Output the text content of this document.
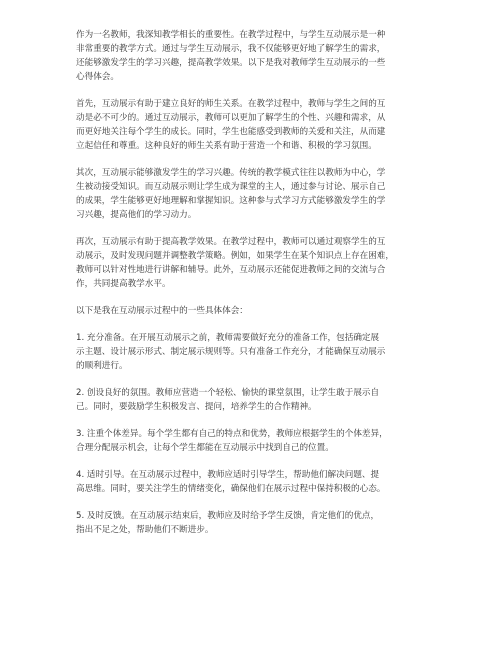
作为一名教师，我深知教学相长的重要性。在教学过程中，与学生互动展示是一种
非常重要的教学方式。通过与学生互动展示，我不仅能够更好地了解学生的需求，
还能够激发学生的学习兴趣，提高教学效果。以下是我对教师学生互动展示的一些
心得体会。

首先，互动展示有助于建立良好的师生关系。在教学过程中，教师与学生之间的互
动是必不可少的。通过互动展示，教师可以更加了解学生的个性、兴趣和需求，从
而更好地关注每个学生的成长。同时，学生也能感受到教师的关爱和关注，从而建
立起信任和尊重。这种良好的师生关系有助于营造一个和谐、积极的学习氛围。

其次，互动展示能够激发学生的学习兴趣。传统的教学模式往往以教师为中心，学
生被动接受知识。而互动展示则让学生成为课堂的主人，通过参与讨论、展示自己
的成果，学生能够更好地理解和掌握知识。这种参与式学习方式能够激发学生的学
习兴趣，提高他们的学习动力。

再次，互动展示有助于提高教学效果。在教学过程中，教师可以通过观察学生的互
动展示，及时发现问题并调整教学策略。例如，如果学生在某个知识点上存在困难，
教师可以针对性地进行讲解和辅导。此外，互动展示还能促进教师之间的交流与合
作，共同提高教学水平。

以下是我在互动展示过程中的一些具体体会：

1. 充分准备。在开展互动展示之前，教师需要做好充分的准备工作，包括确定展
示主题、设计展示形式、制定展示规则等。只有准备工作充分，才能确保互动展示
的顺利进行。

2. 创设良好的氛围。教师应营造一个轻松、愉快的课堂氛围，让学生敢于展示自
己。同时，要鼓励学生积极发言、提问，培养学生的合作精神。

3. 注重个体差异。每个学生都有自己的特点和优势，教师应根据学生的个体差异，
合理分配展示机会，让每个学生都能在互动展示中找到自己的位置。

4. 适时引导。在互动展示过程中，教师应适时引导学生，帮助他们解决问题、提
高思维。同时，要关注学生的情绪变化，确保他们在展示过程中保持积极的心态。

5. 及时反馈。在互动展示结束后，教师应及时给予学生反馈，肯定他们的优点，
指出不足之处，帮助他们不断进步。
